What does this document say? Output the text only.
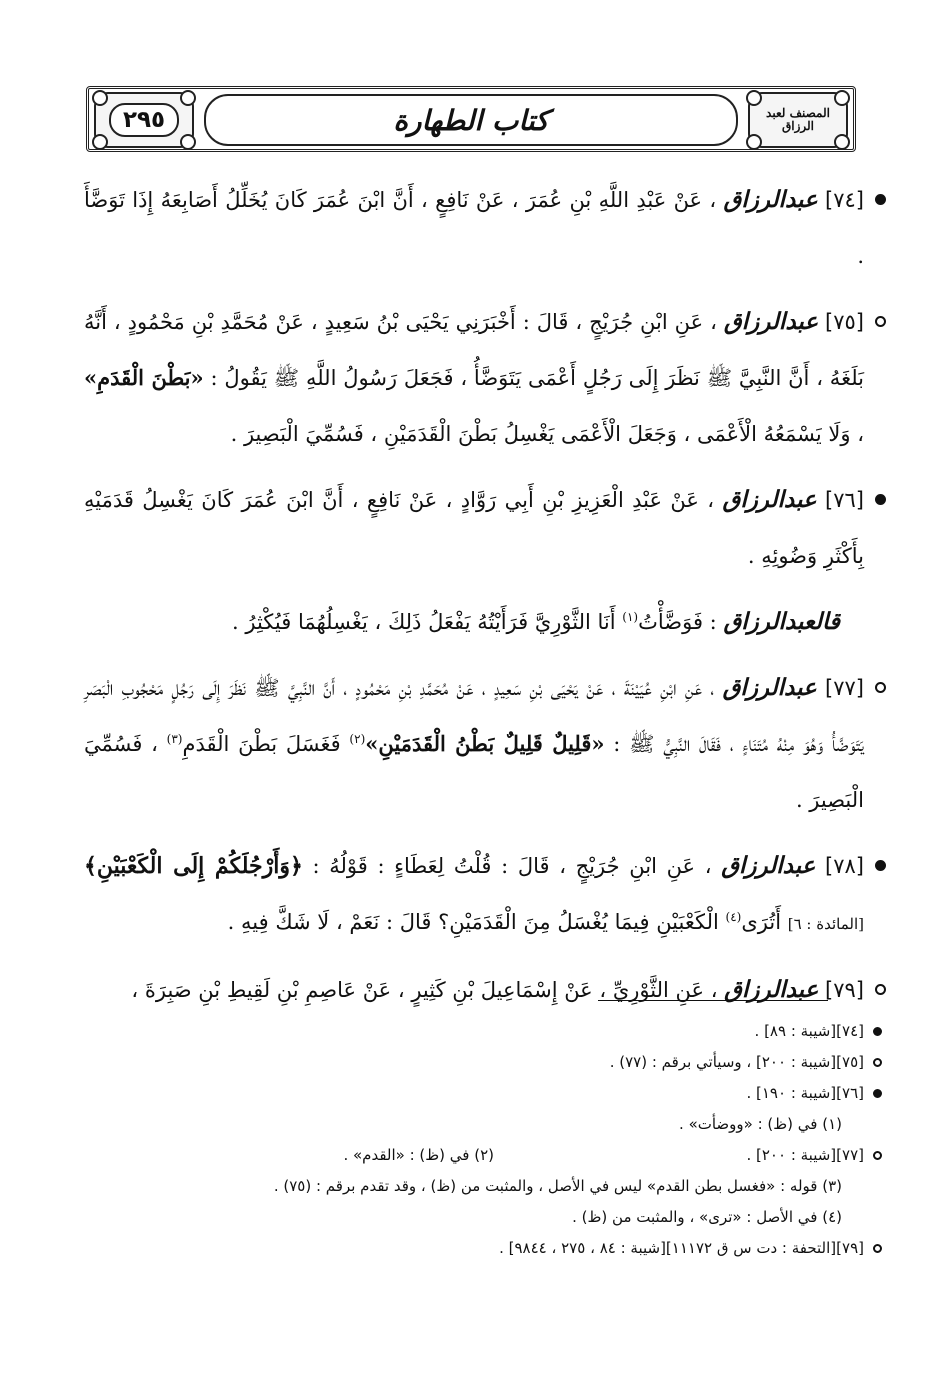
٢٩٥	كتاب الطهارة	المصنف لعبد الرزاق
[٧٤] عبدالرزاق ، عَنْ عَبْدِ اللَّهِ بْنِ عُمَرَ ، عَنْ نَافِعٍ ، أَنَّ ابْنَ عُمَرَ كَانَ يُخَلِّلُ أَصَابِعَهُ إِذَا تَوَضَّأَ .
[٧٥] عبدالرزاق ، عَنِ ابْنِ جُرَيْجٍ ، قَالَ : أَخْبَرَنِي يَحْيَى بْنُ سَعِيدٍ ، عَنْ مُحَمَّدِ بْنِ مَحْمُودٍ ، أَنَّهُ بَلَغَهُ ، أَنَّ النَّبِيَّ ﷺ نَظَرَ إِلَى رَجُلٍ أَعْمَى يَتَوَضَّأُ ، فَجَعَلَ رَسُولُ اللَّهِ ﷺ يَقُولُ : «بَطْنَ الْقَدَمِ» ، وَلَا يَسْمَعُهُ الْأَعْمَى ، وَجَعَلَ الْأَعْمَى يَغْسِلُ بَطْنَ الْقَدَمَيْنِ ، فَسُمِّيَ الْبَصِيرَ .
[٧٦] عبدالرزاق ، عَنْ عَبْدِ الْعَزِيزِ بْنِ أَبِي رَوَّادٍ ، عَنْ نَافِعٍ ، أَنَّ ابْنَ عُمَرَ كَانَ يَغْسِلُ قَدَمَيْهِ بِأَكْثَرِ وَضُوئِهِ .
قالعبدالرزاق : فَوَضَّأْتُ$^{(١)}$ أَنَا الثَّوْرِيَّ فَرَأَيْتُهُ يَفْعَلُ ذَلِكَ ، يَغْسِلُهُمَا فَيُكْثِرُ .
[٧٧] عبدالرزاق ، عَنِ ابْنِ عُيَيْنَةَ ، عَنْ يَحْيَى بْنِ سَعِيدٍ ، عَنْ مُحَمَّدِ بْنِ مَحْمُودٍ ، أَنَّ النَّبِيَّ ﷺ نَظَرَ إِلَى رَجُلٍ مَحْجُوبِ الْبَصَرِ يَتَوَضَّأُ وَهُوَ مِنْهُ مُتَنَاءٍ ، فَقَالَ النَّبِيُّ ﷺ : «قَلِيلٌ قَلِيلٌ بَطْنُ الْقَدَمَيْنِ»$^{(٢)}$ فَغَسَلَ بَطْنَ الْقَدَمِ$^{(٣)}$ ، فَسُمِّيَ الْبَصِيرَ .
[٧٨] عبدالرزاق ، عَنِ ابْنِ جُرَيْجٍ ، قَالَ : قُلْتُ لِعَطَاءٍ : قَوْلُهُ : ﴿وَأَرْجُلَكُمْ إِلَى الْكَعْبَيْنِ﴾ [المائدة : ٦] أَتُرَى$^{(٤)}$ الْكَعْبَيْنِ فِيمَا يُغْسَلُ مِنَ الْقَدَمَيْنِ؟ قَالَ : نَعَمْ ، لَا شَكَّ فِيهِ .
[٧٩] عبدالرزاق ، عَنِ الثَّوْرِيِّ ، عَنْ إِسْمَاعِيلَ بْنِ كَثِيرٍ ، عَنْ عَاصِمِ بْنِ لَقِيطِ بْنِ صَبِرَةَ ،
[٧٤][شيبة : ٨٩] .
[٧٥][شيبة : ٢٠٠] ، وسيأتي برقم : (٧٧) .
[٧٦][شيبة : ١٩٠] .
(١) في (ظ) : «ووضأت» .
[٧٧][شيبة : ٢٠٠] .
(٢) في (ظ) : «القدم» .
(٣) قوله : «فغسل بطن القدم» ليس في الأصل ، والمثبت من (ظ) ، وقد تقدم برقم : (٧٥) .
(٤) في الأصل : «ترى» ، والمثبت من (ظ) .
[٧٩][التحفة : دت س ق ١١١٧٢][شيبة : ٨٤ ، ٢٧٥ ، ٩٨٤٤] .
